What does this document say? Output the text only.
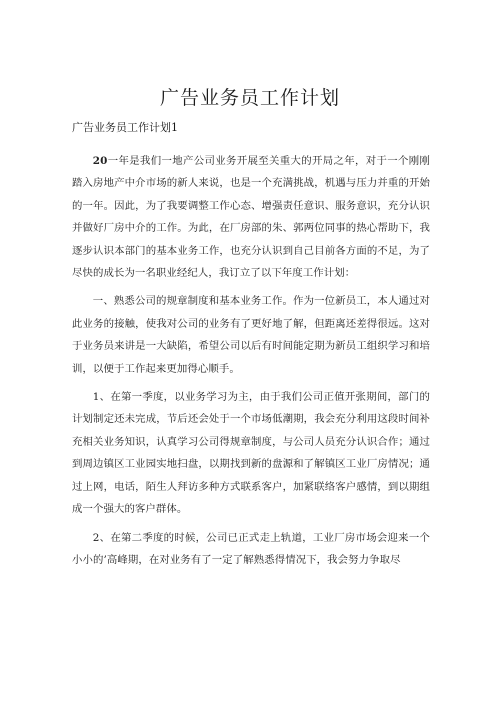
广告业务员工作计划
广告业务员工作计划1

20一年是我们一地产公司业务开展至关重大的开局之年，对于一个刚刚踏入房地产中介市场的新人来说，也是一个充满挑战，机遇与压力并重的开始的一年。因此，为了我要调整工作心态、增强责任意识、服务意识，充分认识并做好厂房中介的工作。为此，在厂房部的朱、郭两位同事的热心帮助下，我逐步认识本部门的基本业务工作，也充分认识到自己目前各方面的不足，为了尽快的成长为一名职业经纪人，我订立了以下年度工作计划：

一、熟悉公司的规章制度和基本业务工作。作为一位新员工，本人通过对此业务的接触，使我对公司的业务有了更好地了解，但距离还差得很远。这对于业务员来讲是一大缺陷，希望公司以后有时间能定期为新员工组织学习和培训，以便于工作起来更加得心顺手。

1、在第一季度，以业务学习为主，由于我们公司正值开张期间，部门的计划制定还未完成，节后还会处于一个市场低潮期，我会充分利用这段时间补充相关业务知识，认真学习公司得规章制度，与公司人员充分认识合作；通过到周边镇区工业园实地扫盘，以期找到新的盘源和了解镇区工业厂房情况；通过上网，电话，陌生人拜访多种方式联系客户，加紧联络客户感情，到以期组成一个强大的客户群体。

2、在第二季度的时候，公司已正式走上轨道，工业厂房市场会迎来一个小小的’高峰期，在对业务有了一定了解熟悉得情况下，我会努力争取尽
